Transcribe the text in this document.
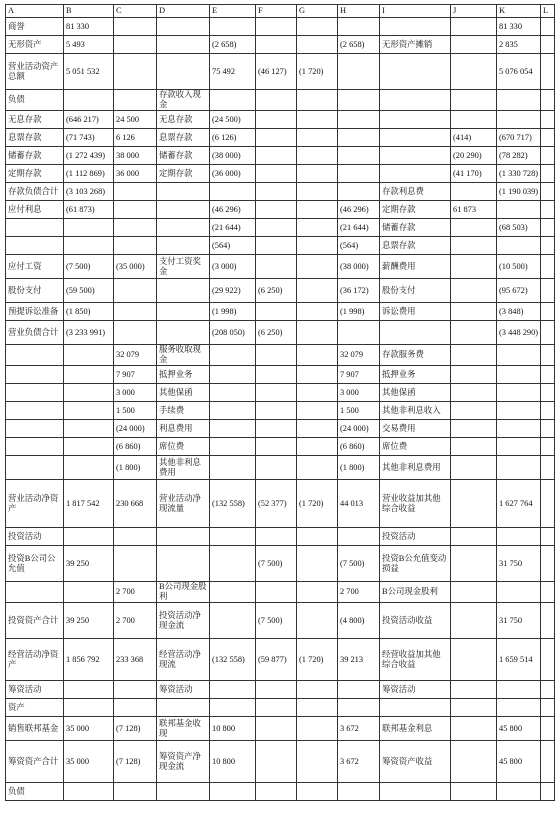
A	B	C	D	E	F	G	H	I	J	K	L
商誉	81 330									81 330	
无形资产	5 493			(2 658)			(2 658)	无形资产摊销		2 835	
营业活动资产总额	5 051 532			75 492	(46 127)	(1 720)				5 076 054	
负债			存款收入现金								
无息存款	(646 217)	24 500	无息存款	(24 500)							
息票存款	(71 743)	6 126	息票存款	(6 126)					(414)	(670 717)	
储蓄存款	(1 272 439)	38 000	储蓄存款	(38 000)					(20 290)	(78 282)	
定期存款	(1 112 869)	36 000	定期存款	(36 000)					(41 170)	(1 330 728)	
存款负债合计	(3 103 268)							存款利息费		(1 190 039)	
应付利息	(61 873)			(46 296)			(46 296)	定期存款	61 873		
				(21 644)			(21 644)	储蓄存款		(68 503)	
				(564)			(564)	息票存款			
应付工资	(7 500)	(35 000)	支付工资奖金	(3 000)			(38 000)	薪酬费用		(10 500)	
股份支付	(59 500)			(29 922)	(6 250)		(36 172)	股份支付		(95 672)	
预提诉讼准备	(1 850)			(1 998)			(1 998)	诉讼费用		(3 848)	
营业负债合计	(3 233 991)			(208 050)	(6 250)					(3 448 290)	
		32 079	服务收取现金				32 079	存款服务费			
		7 907	抵押业务				7 907	抵押业务			
		3 000	其他保函				3 000	其他保函			
		1 500	手续费				1 500	其他非利息收入			
		(24 000)	利息费用				(24 000)	交易费用			
		(6 860)	席位费				(6 860)	席位费			
		(1 800)	其他非利息费用				(1 800)	其他非利息费用			
营业活动净资产	1 817 542	230 668	营业活动净现流量	(132 558)	(52 377)	(1 720)	44 013	营业收益加其他综合收益		1 627 764	
投资活动								投资活动			
投资B公司公允值	39 250				(7 500)		(7 500)	投资B公允值变动损益		31 750	
		2 700	B公司现金股利				2 700	B公司现金股利			
投资资产合计	39 250	2 700	投资活动净现金流		(7 500)		(4 800)	投资活动收益		31 750	
经营活动净资产	1 856 792	233 368	经营活动净现流	(132 558)	(59 877)	(1 720)	39 213	经营收益加其他综合收益		1 659 514	
筹资活动			筹资活动					筹资活动			
资产											
销售联邦基金	35 000	(7 128)	联邦基金收现	10 800			3 672	联邦基金利息		45 800	
筹资资产合计	35 000	(7 128)	筹资资产净现金流	10 800			3 672	筹资资产收益		45 800	
负债											
